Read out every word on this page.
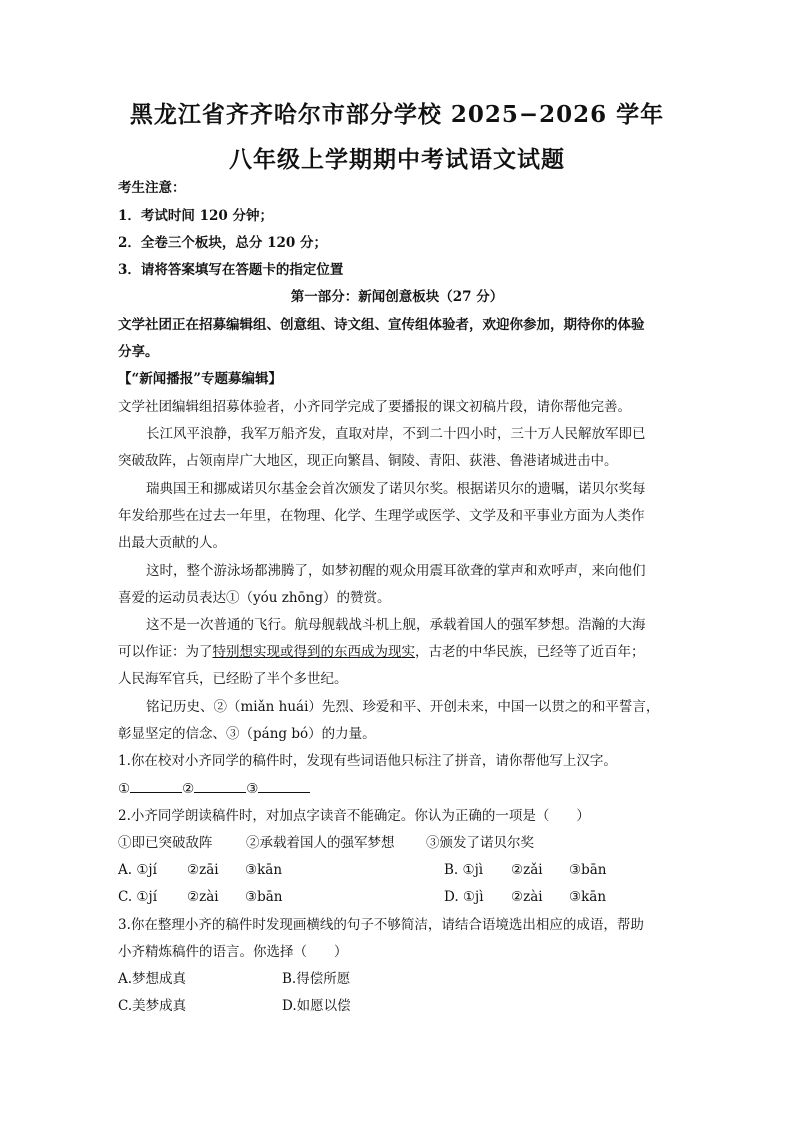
黑龙江省齐齐哈尔市部分学校 2025−2026 学年
八年级上学期期中考试语文试题
考生注意：
1．考试时间 120 分钟；
2．全卷三个板块，总分 120 分；
3．请将答案填写在答题卡的指定位置
第一部分：新闻创意板块（27 分）
文学社团正在招募编辑组、创意组、诗文组、宣传组体验者，欢迎你参加，期待你的体验
分享。
【“新闻播报”专题募编辑】
文学社团编辑组招募体验者，小齐同学完成了要播报的课文初稿片段，请你帮他完善。
长江风平浪静，我军万船齐发，直取对岸，不到二十四小时，三十万人民解放军即已
突破敌阵，占领南岸广大地区，现正向繁昌、铜陵、青阳、荻港、鲁港诸城进击中。
瑞典国王和挪威诺贝尔基金会首次颁发了诺贝尔奖。根据诺贝尔的遗嘱，诺贝尔奖每
年发给那些在过去一年里，在物理、化学、生理学或医学、文学及和平事业方面为人类作
出最大贡献的人。
这时，整个游泳场都沸腾了，如梦初醒的观众用震耳欲聋的掌声和欢呼声，来向他们
喜爱的运动员表达①（yóu zhōng）的赞赏。
这不是一次普通的飞行。航母舰载战斗机上舰，承载着国人的强军梦想。浩瀚的大海
可以作证：为了特别想实现或得到的东西成为现实，古老的中华民族，已经等了近百年；
人民海军官兵，已经盼了半个多世纪。
铭记历史、②（miǎn huái）先烈、珍爱和平、开创未来，中国一以贯之的和平誓言，
彰显坚定的信念、③（páng bó）的力量。
1.你在校对小齐同学的稿件时，发现有些词语他只标注了拼音，请你帮他写上汉字。
①	②	③
2.小齐同学朗读稿件时，对加点字读音不能确定。你认为正确的一项是（　　）
①即已突破敌阵 ②承载着国人的强军梦想 ③颁发了诺贝尔奖
A. ①jí ②zāi ③kān	B. ①jì ②zǎi ③bān
C. ①jí ②zài ③bān	D. ①jì ②zài ③kān
3.你在整理小齐的稿件时发现画横线的句子不够简洁，请结合语境选出相应的成语，帮助
小齐精炼稿件的语言。你选择（　　）
A.梦想成真	B.得偿所愿
C.美梦成真	D.如愿以偿
